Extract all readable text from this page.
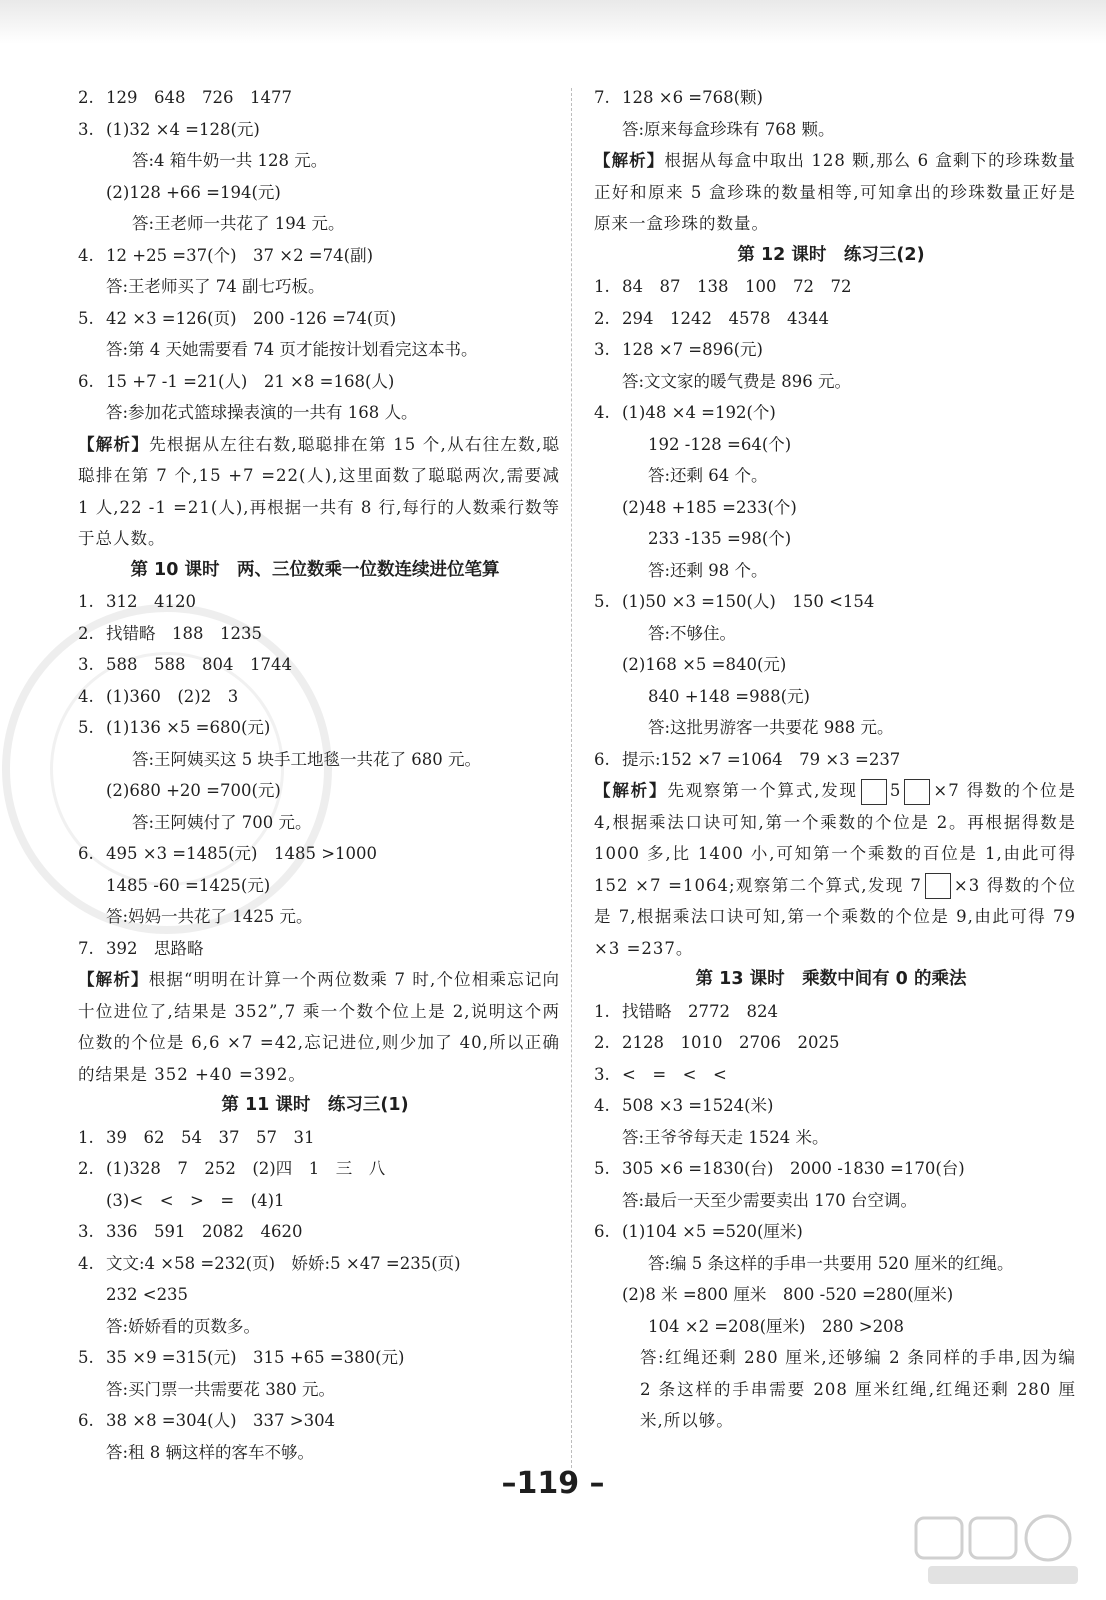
2. 129　648　726　1477
3. (1)32 ×4 =128(元)
答:4 箱牛奶一共 128 元。
(2)128 +66 =194(元)
答:王老师一共花了 194 元。
4. 12 +25 =37(个)　37 ×2 =74(副)
答:王老师买了 74 副七巧板。
5. 42 ×3 =126(页)　200 -126 =74(页)
答:第 4 天她需要看 74 页才能按计划看完这本书。
6. 15 +7 -1 =21(人)　21 ×8 =168(人)
答:参加花式篮球操表演的一共有 168 人。
【解析】先根据从左往右数,聪聪排在第 15 个,从右往左数,聪聪排在第 7 个,15 +7 =22(人),这里面数了聪聪两次,需要减 1 人,22 -1 =21(人),再根据一共有 8 行,每行的人数乘行数等于总人数。
第 10 课时　两、三位数乘一位数连续进位笔算
1. 312　4120
2. 找错略　188　1235
3. 588　588　804　1744
4. (1)360　(2)2　3
5. (1)136 ×5 =680(元)
答:王阿姨买这 5 块手工地毯一共花了 680 元。
(2)680 +20 =700(元)
答:王阿姨付了 700 元。
6. 495 ×3 =1485(元)　1485 >1000
1485 -60 =1425(元)
答:妈妈一共花了 1425 元。
7. 392　思路略
【解析】根据“明明在计算一个两位数乘 7 时,个位相乘忘记向十位进位了,结果是 352”,7 乘一个数个位上是 2,说明这个两位数的个位是 6,6 ×7 =42,忘记进位,则少加了 40,所以正确的结果是 352 +40 =392。
第 11 课时　练习三(1)
1. 39　62　54　37　57　31
2. (1)328　7　252　(2)四　1　三　八
(3)<　<　>　=　(4)1
3. 336　591　2082　4620
4. 文文:4 ×58 =232(页)　娇娇:5 ×47 =235(页)
232 <235
答:娇娇看的页数多。
5. 35 ×9 =315(元)　315 +65 =380(元)
答:买门票一共需要花 380 元。
6. 38 ×8 =304(人)　337 >304
答:租 8 辆这样的客车不够。
7. 128 ×6 =768(颗)
答:原来每盒珍珠有 768 颗。
【解析】根据从每盒中取出 128 颗,那么 6 盒剩下的珍珠数量正好和原来 5 盒珍珠的数量相等,可知拿出的珍珠数量正好是原来一盒珍珠的数量。
第 12 课时　练习三(2)
1. 84　87　138　100　72　72
2. 294　1242　4578　4344
3. 128 ×7 =896(元)
答:文文家的暖气费是 896 元。
4. (1)48 ×4 =192(个)
192 -128 =64(个)
答:还剩 64 个。
(2)48 +185 =233(个)
233 -135 =98(个)
答:还剩 98 个。
5. (1)50 ×3 =150(人)　150 <154
答:不够住。
(2)168 ×5 =840(元)
840 +148 =988(元)
答:这批男游客一共要花 988 元。
6. 提示:152 ×7 =1064　79 ×3 =237
【解析】先观察第一个算式,发现 5 ×7 得数的个位是 4,根据乘法口诀可知,第一个乘数的个位是 2。再根据得数是 1000 多,比 1400 小,可知第一个乘数的百位是 1,由此可得 152 ×7 =1064;观察第二个算式,发现 7 ×3 得数的个位是 7,根据乘法口诀可知,第一个乘数的个位是 9,由此可得 79 ×3 =237。
第 13 课时　乘数中间有 0 的乘法
1. 找错略　2772　824
2. 2128　1010　2706　2025
3. <　=　<　<
4. 508 ×3 =1524(米)
答:王爷爷每天走 1524 米。
5. 305 ×6 =1830(台)　2000 -1830 =170(台)
答:最后一天至少需要卖出 170 台空调。
6. (1)104 ×5 =520(厘米)
答:编 5 条这样的手串一共要用 520 厘米的红绳。
(2)8 米 =800 厘米　800 -520 =280(厘米)
104 ×2 =208(厘米)　280 >208
答:红绳还剩 280 厘米,还够编 2 条同样的手串,因为编 2 条这样的手串需要 208 厘米红绳,红绳还剩 280 厘米,所以够。
–119 –
